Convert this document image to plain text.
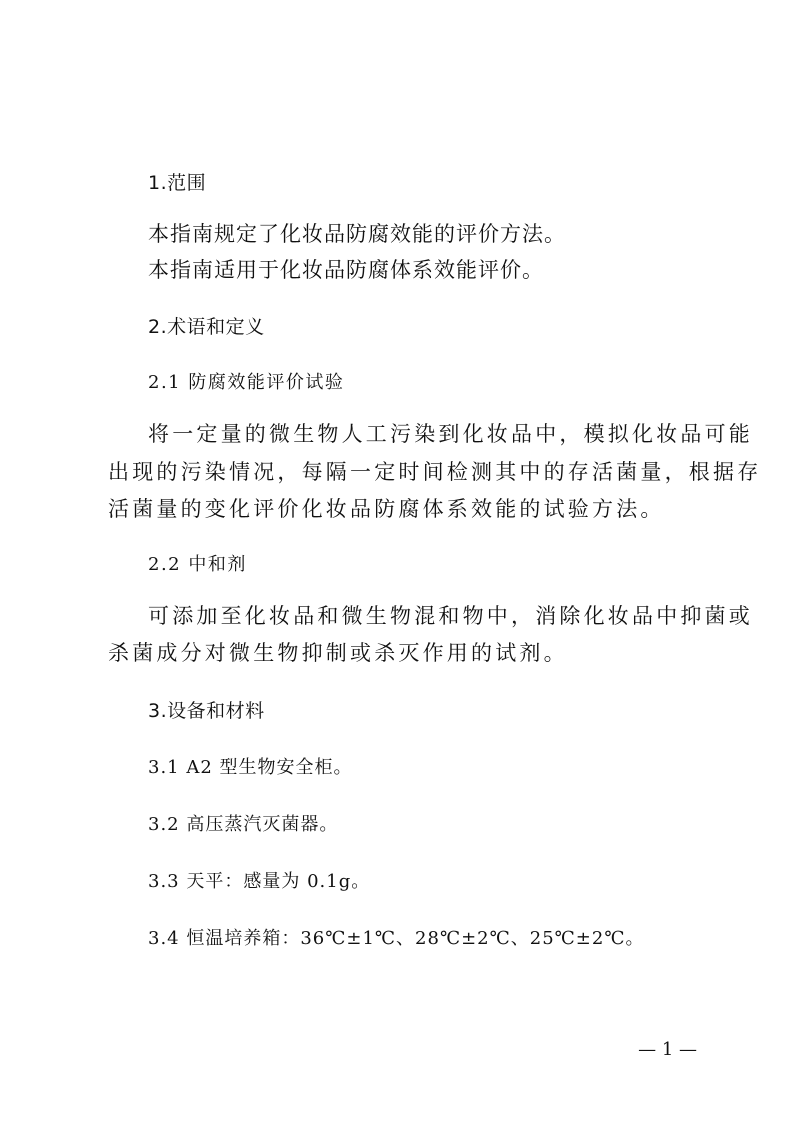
1.范围
本指南规定了化妆品防腐效能的评价方法。
本指南适用于化妆品防腐体系效能评价。
2.术语和定义
2.1 防腐效能评价试验
将一定量的微生物人工污染到化妆品中，模拟化妆品可能
出现的污染情况，每隔一定时间检测其中的存活菌量，根据存
活菌量的变化评价化妆品防腐体系效能的试验方法。
2.2 中和剂
可添加至化妆品和微生物混和物中，消除化妆品中抑菌或
杀菌成分对微生物抑制或杀灭作用的试剂。
3.设备和材料
3.1 A2 型生物安全柜。
3.2 高压蒸汽灭菌器。
3.3 天平：感量为 0.1g。
3.4 恒温培养箱：36℃±1℃、28℃±2℃、25℃±2℃。
— 1 —
